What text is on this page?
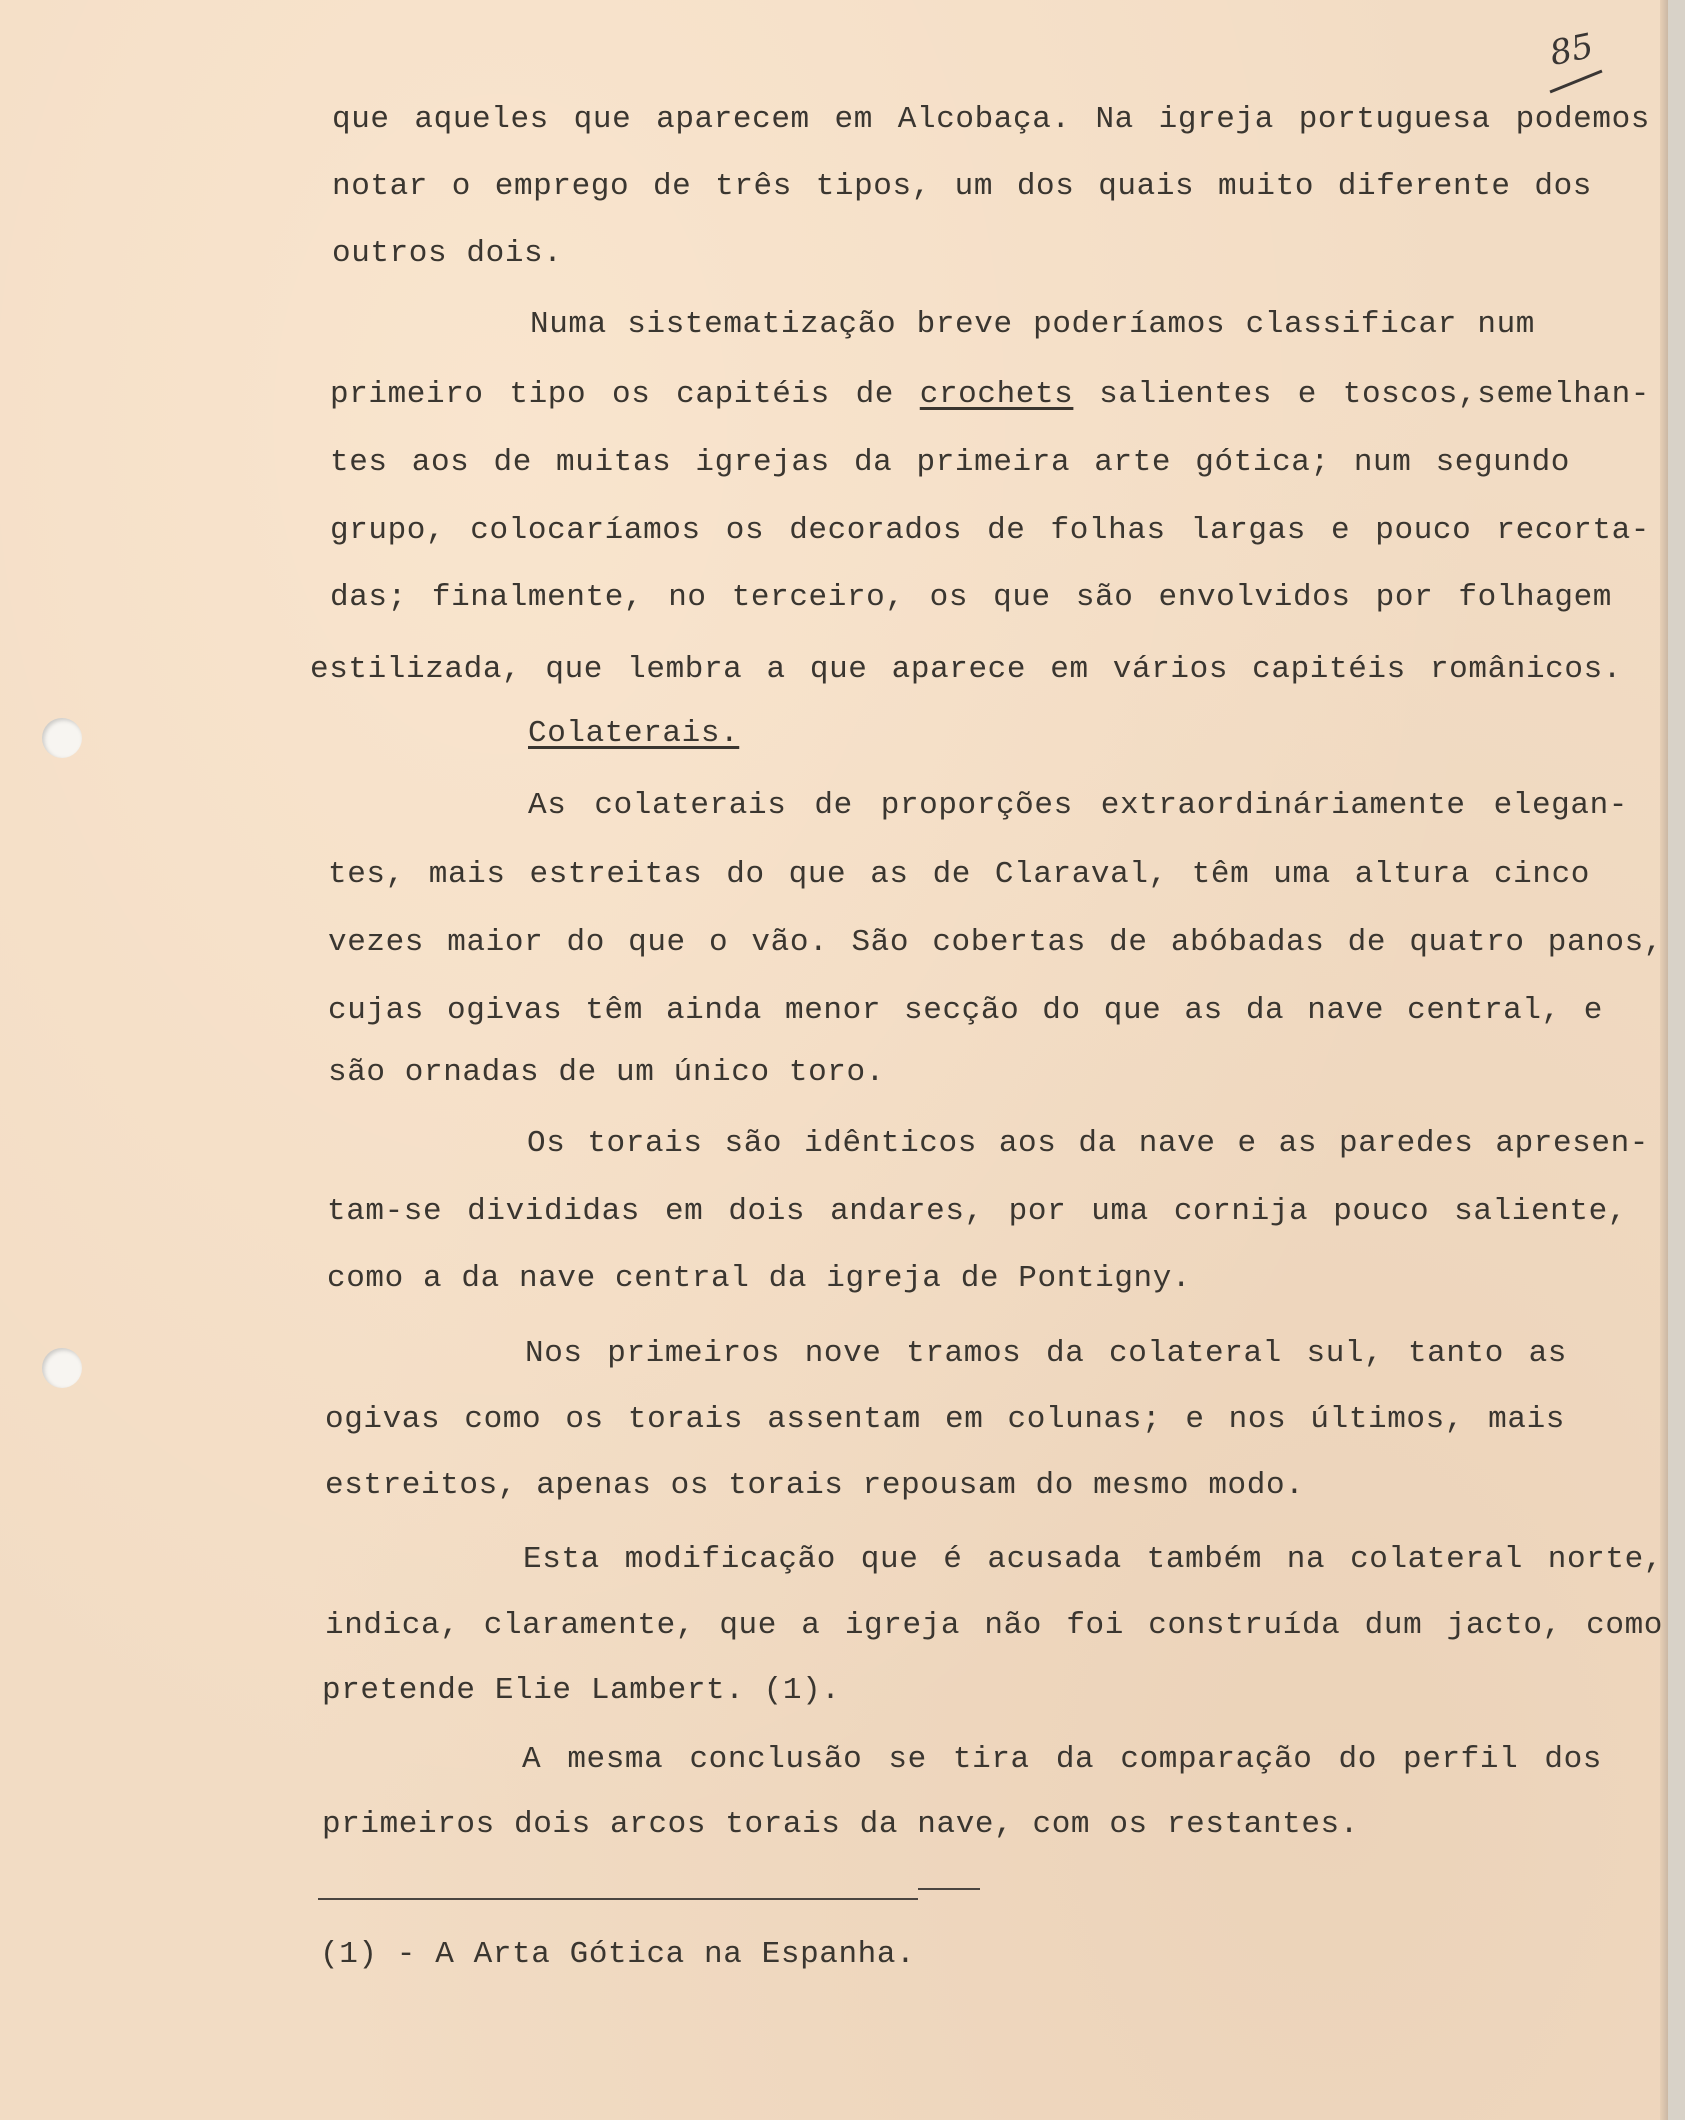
85
que aqueles que aparecem em Alcobaça. Na igreja portuguesa podemos
notar o emprego de três tipos, um dos quais muito diferente dos
outros dois.
Numa sistematização breve poderíamos classificar num
primeiro tipo os capitéis de crochets salientes e toscos,semelhan-
tes aos de muitas igrejas da primeira arte gótica; num segundo
grupo, colocaríamos os decorados de folhas largas e pouco recorta-
das; finalmente, no terceiro, os que são envolvidos por folhagem
estilizada, que lembra a que aparece em vários capitéis românicos.
Colaterais.
As colaterais de proporções extraordináriamente elegan-
tes, mais estreitas do que as de Claraval, têm uma altura cinco
vezes maior do que o vão. São cobertas de abóbadas de quatro panos,
cujas ogivas têm ainda menor secção do que as da nave central, e
são ornadas de um único toro.
Os torais são idênticos aos da nave e as paredes apresen-
tam-se divididas em dois andares, por uma cornija pouco saliente,
como a da nave central da igreja de Pontigny.
Nos primeiros nove tramos da colateral sul, tanto as
ogivas como os torais assentam em colunas; e nos últimos, mais
estreitos, apenas os torais repousam do mesmo modo.
Esta modificação que é acusada também na colateral norte,
indica, claramente, que a igreja não foi construída dum jacto, como
pretende Elie Lambert. (1).
A mesma conclusão se tira da comparação do perfil dos
primeiros dois arcos torais da nave, com os restantes.
(1) - A Arta Gótica na Espanha.
